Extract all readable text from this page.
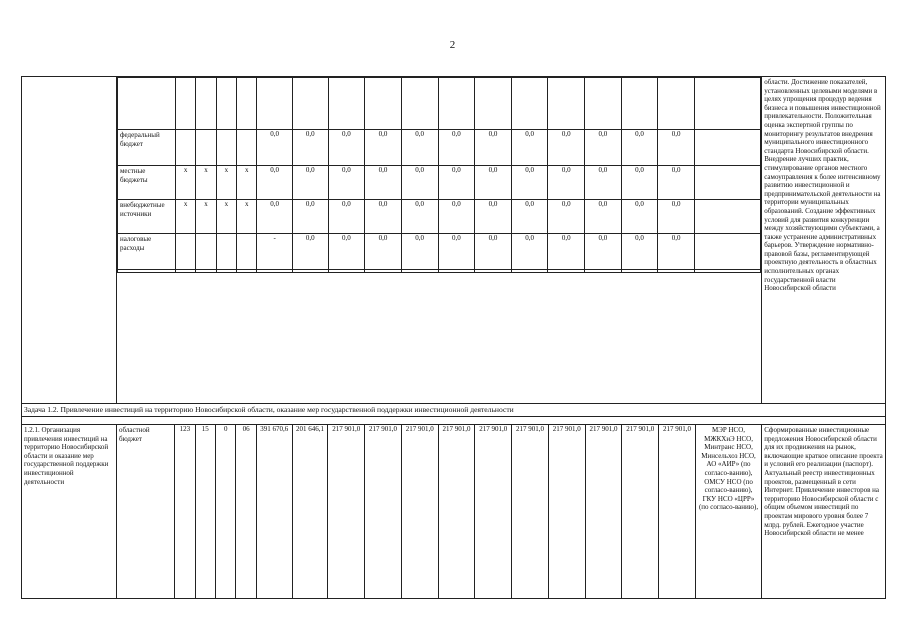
2

федеральный бюджет					0,0	0,0	0,0	0,0	0,0	0,0	0,0	0,0	0,0	0,0	0,0	0,0	
местные бюджеты	x	x	x	x	0,0	0,0	0,0	0,0	0,0	0,0	0,0	0,0	0,0	0,0	0,0	0,0	
внебюджетные источники	x	x	x	x	0,0	0,0	0,0	0,0	0,0	0,0	0,0	0,0	0,0	0,0	0,0	0,0	
налоговые расходы					-	0,0	0,0	0,0	0,0	0,0	0,0	0,0	0,0	0,0	0,0	0,0	

	области. Достижение показателей, установленных целевыми моделями в целях упрощения процедур ведения бизнеса и повышения инвестиционной привлекательности. Положительная оценка экспертной группы по мониторингу результатов внедрения муниципального инвестиционного стандарта Новосибирской области. Внедрение лучших практик, стимулирование органов местного самоуправления к более интенсивному развитию инвестиционной и предпринимательской деятельности на территории муниципальных образований. Создание эффективных условий для развития конкуренции между хозяйствующими субъектами, а также устранение административных барьеров. Утверждение нормативно-правовой базы, регламентирующей проектную деятельность в областных исполнительных органах государственной власти Новосибирской области
Задача 1.2. Привлечение инвестиций на территорию Новосибирской области, оказание мер государственной поддержки инвестиционной деятельности

1.2.1. Организация привлечения инвестиций на территорию Новосибирской области и оказание мер государственной поддержки инвестиционной деятельности	областной бюджет	123	15	0	06	391 670,6	201 646,1	217 901,0	217 901,0	217 901,0	217 901,0	217 901,0	217 901,0	217 901,0	217 901,0	217 901,0	217 901,0	МЭР НСО, МЖКХиЭ НСО, Минтранс НСО, Минсельхоз НСО, АО «АИР» (по согласо-ванию), ОМСУ НСО (по согласо-ванию), ГКУ НСО «ЦРР» (по согласо-ванию),	Сформированные инвестиционные предложения Новосибирской области для их продвижения на рынок, включающие краткое описание проекта и условий его реализации (паспорт). Актуальный реестр инвестиционных проектов, размещенный в сети Интернет. Привлечение инвесторов на территорию Новосибирской области с общим объемом инвестиций по проектам мирового уровня более 7 млрд. рублей. Ежегодное участие Новосибирской области не менее
